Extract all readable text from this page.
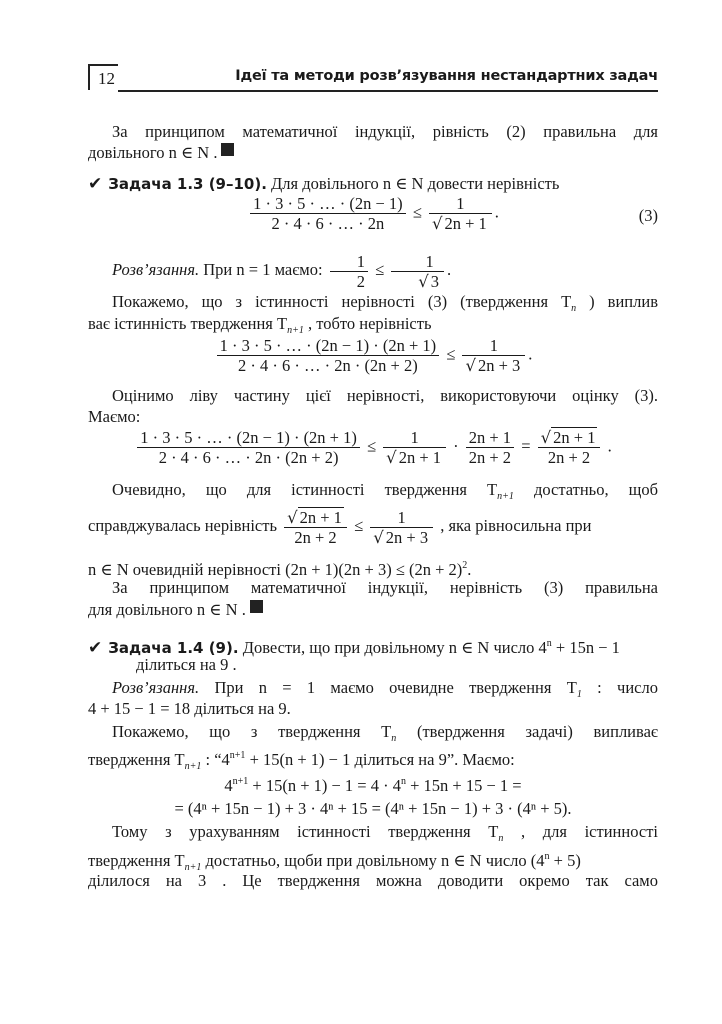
12	Ідеї та методи розв’язування нестандартних задач
За принципом математичної індукції, рівність (2) правильна для
довільного n ∈ N .
✔ Задача 1.3 (9–10). Для довільного n ∈ N довести нерівність
$\frac{1 \cdot 3 \cdot 5 \cdot \dots \cdot (2n - 1)}{2 \cdot 4 \cdot 6 \cdot \dots \cdot 2n} \le \frac{1}{√ 2n + 1}$ .	(3)
Розв’язання. При n = 1 маємо: $\frac{1}{2} \le \frac{1}{√ 3}$ .
Покажемо, що з істинності нерівності (3) (твердження $T_n$ ) виплив
ває істинність твердження $T_{n+1}$ , тобто нерівність
$\frac{1 \cdot 3 \cdot 5 \cdot \dots \cdot (2n - 1) \cdot (2n + 1)}{2 \cdot 4 \cdot 6 \cdot \dots \cdot 2n \cdot (2n + 2)} \le \frac{1}{√ 2n + 3}$ .
Оцінимо ліву частину цієї нерівності, використовуючи оцінку (3).
Маємо:
$\frac{1 \cdot 3 \cdot 5 \cdot \dots \cdot (2n - 1) \cdot (2n + 1)}{2 \cdot 4 \cdot 6 \cdot \dots \cdot 2n \cdot (2n + 2)} \le \frac{1}{√ 2n + 1} \cdot \frac{2n + 1}{2n + 2} = \frac{√ 2n + 1}{2n + 2}$ .
Очевидно, що для істинності твердження $T_{n+1}$ достатньо, щоб
справджувалась нерівність $\frac{√ 2n + 1}{2n + 2} \le \frac{1}{√ 2n + 3}$ , яка рівносильна при
n ∈ N очевидній нерівності $(2n + 1)(2n + 3) \le (2n + 2)^2$.
За принципом математичної індукції, нерівність (3) правильна
для довільного n ∈ N .
✔ Задача 1.4 (9). Довести, що при довільному n ∈ N число $4^n + 15n - 1$
ділиться на 9 .
Розв’язання. При n = 1 маємо очевидне твердження $T_1$ : число
4 + 15 − 1 = 18 ділиться на 9.
Покажемо, що з твердження $T_n$ (твердження задачі) випливає
твердження $T_{n+1}$ : “$4^{n+1} + 15(n + 1) - 1$ ділиться на 9”. Маємо:
$4^{n+1} + 15(n + 1) - 1 = 4 \cdot 4^n + 15n + 15 - 1$ =
= (4ⁿ + 15n − 1) + 3 · 4ⁿ + 15 = (4ⁿ + 15n − 1) + 3 · (4ⁿ + 5).
Тому з урахуванням істинності твердження $T_n$ , для істинності
твердження $T_{n+1}$ достатньо, щоби при довільному n ∈ N число $(4^n + 5)$
ділилося на 3 . Це твердження можна доводити окремо так само
